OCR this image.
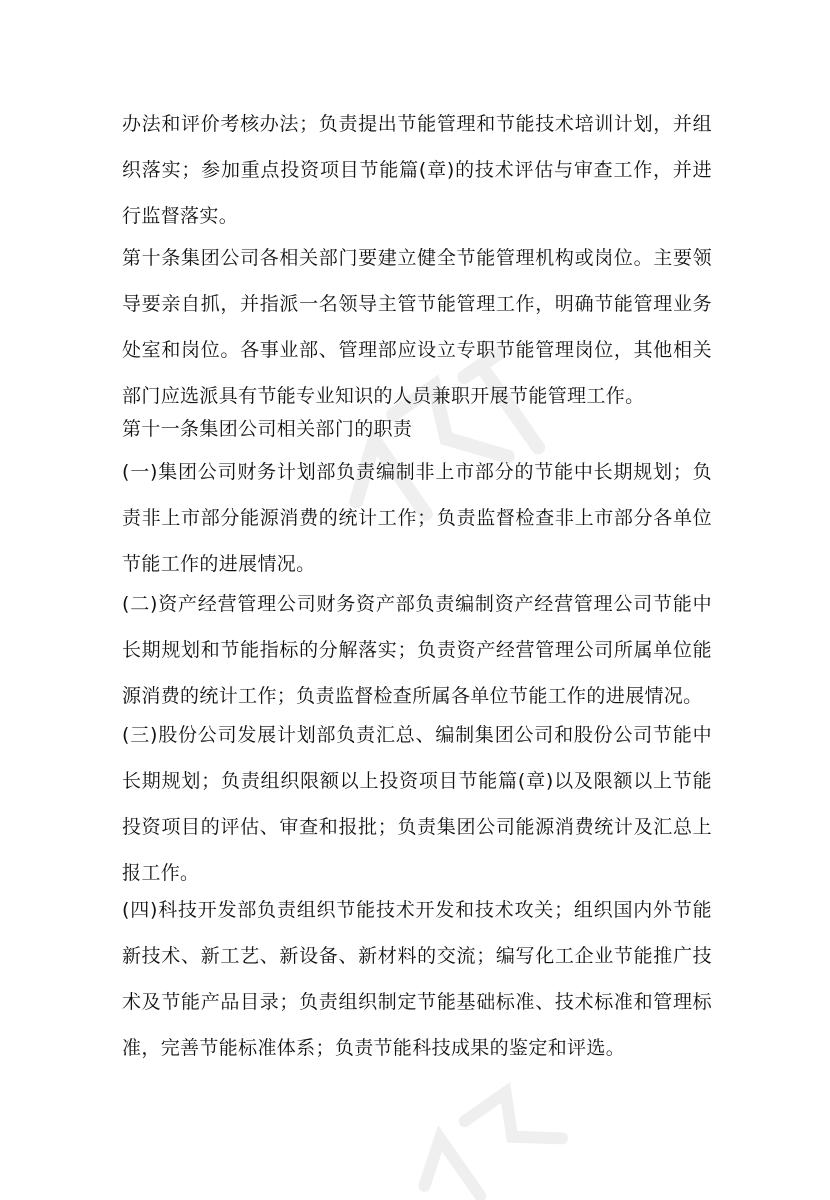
办法和评价考核办法；负责提出节能管理和节能技术培训计划，并组织落实；参加重点投资项目节能篇(章)的技术评估与审查工作，并进行监督落实。

第十条集团公司各相关部门要建立健全节能管理机构或岗位。主要领导要亲自抓，并指派一名领导主管节能管理工作，明确节能管理业务处室和岗位。各事业部、管理部应设立专职节能管理岗位，其他相关部门应选派具有节能专业知识的人员兼职开展节能管理工作。

第十一条集团公司相关部门的职责

(一)集团公司财务计划部负责编制非上市部分的节能中长期规划；负责非上市部分能源消费的统计工作；负责监督检查非上市部分各单位节能工作的进展情况。

(二)资产经营管理公司财务资产部负责编制资产经营管理公司节能中长期规划和节能指标的分解落实；负责资产经营管理公司所属单位能源消费的统计工作；负责监督检查所属各单位节能工作的进展情况。

(三)股份公司发展计划部负责汇总、编制集团公司和股份公司节能中长期规划；负责组织限额以上投资项目节能篇(章)以及限额以上节能投资项目的评估、审查和报批；负责集团公司能源消费统计及汇总上报工作。

(四)科技开发部负责组织节能技术开发和技术攻关；组织国内外节能新技术、新工艺、新设备、新材料的交流；编写化工企业节能推广技术及节能产品目录；负责组织制定节能基础标准、技术标准和管理标准，完善节能标准体系；负责节能科技成果的鉴定和评选。
